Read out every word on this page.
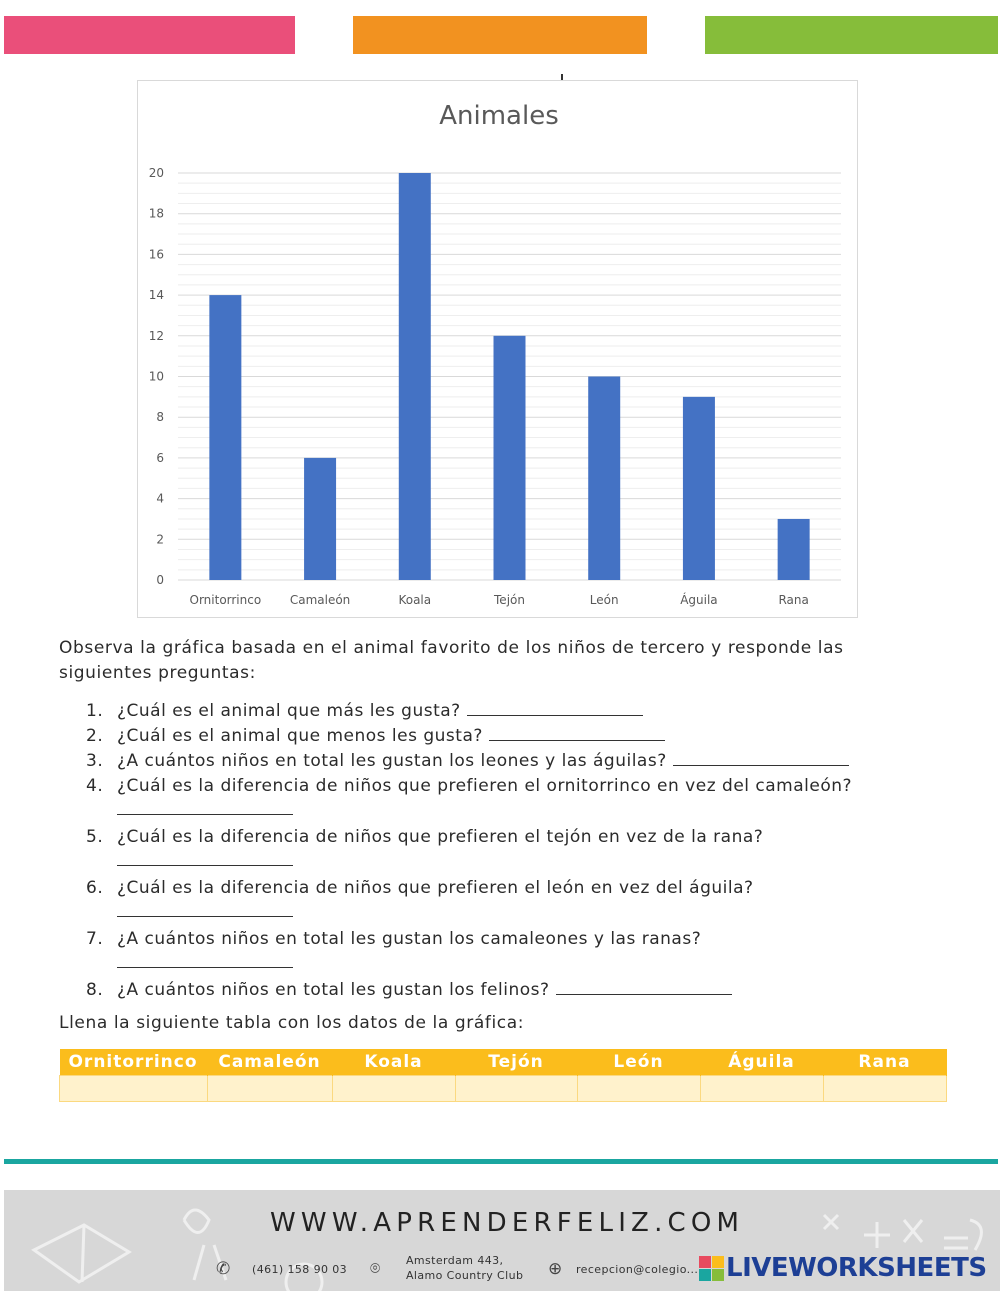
Animales
0
2
4
6
8
10
12
14
16
18
20
Ornitorrinco Camaleón	Koala	Tejón	León	Águila	Rana
Observa la gráfica basada en el animal favorito de los niños de tercero y responde las siguientes preguntas:
1. ¿Cuál es el animal que más les gusta?
2. ¿Cuál es el animal que menos les gusta?
3. ¿A cuántos niños en total les gustan los leones y las águilas?
4. ¿Cuál es la diferencia de niños que prefieren el ornitorrinco en vez del camaleón?
5. ¿Cuál es la diferencia de niños que prefieren el tejón en vez de la rana?
6. ¿Cuál es la diferencia de niños que prefieren el león en vez del águila?
7. ¿A cuántos niños en total les gustan los camaleones y las ranas?
8. ¿A cuántos niños en total les gustan los felinos?
Llena la siguiente tabla con los datos de la gráfica:
Ornitorrinco	Camaleón	Koala	Tejón	León	Águila	Rana

WWW.APRENDERFELIZ.COM
✆ (461) 158 90 03 ⌾ Amsterdam 443,
Alamo Country Club ⊕ recepcion@colegio... LIVEWORKSHEETS
